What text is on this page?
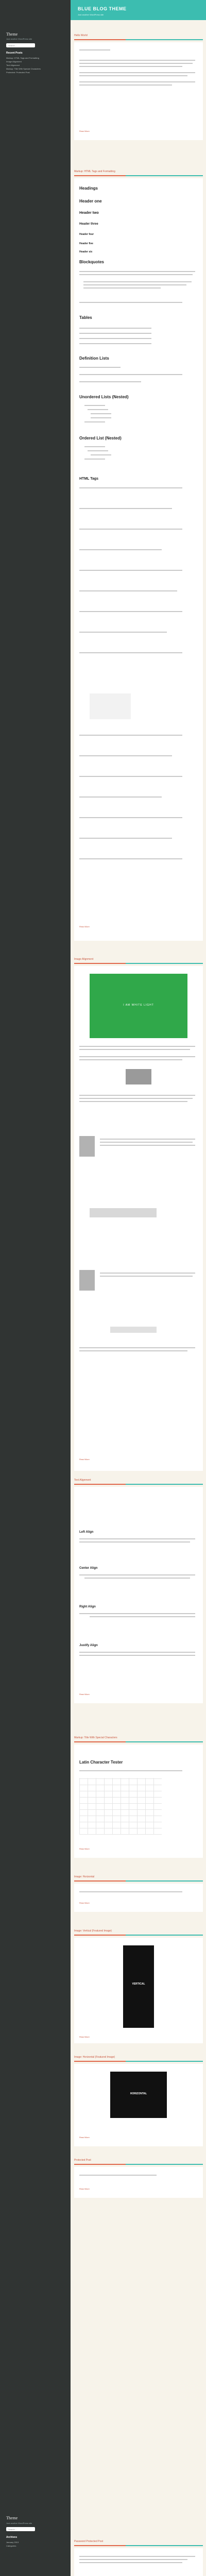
Theme
Just another WordPress site
Search …
Recent Posts
Markup: HTML Tags and Formatting
Image Alignment
Text Alignment
Markup: Title With Special Characters
Protected: Protected Post
Theme
Just another WordPress site
Search …
Archives
January 2013
Categories
BLUE BLOG THEME
Just another WordPress site
Hello World
Read More
Markup: HTML Tags and Formatting
Headings
Header one
Header two
Header three
Header four
Header five
Header six
Blockquotes
Tables
Definition Lists
Unordered Lists (Nested)
Ordered List (Nested)
HTML Tags
Read More
Image Alignment
I AM WHITE LIGHT
Read More
Text Alignment
Left Align
Center Align
Right Align
Justify Align
Read More
Markup: Title With Special Characters
Latin Character Tester
Read More
Image: Horizontal
Read More
Image: Vertical (Featured Image)
VERTICAL
Read More
Image: Horizontal (Featured Image)
HORIZONTAL
Read More
Protected Post
Read More
Password Protected Post
